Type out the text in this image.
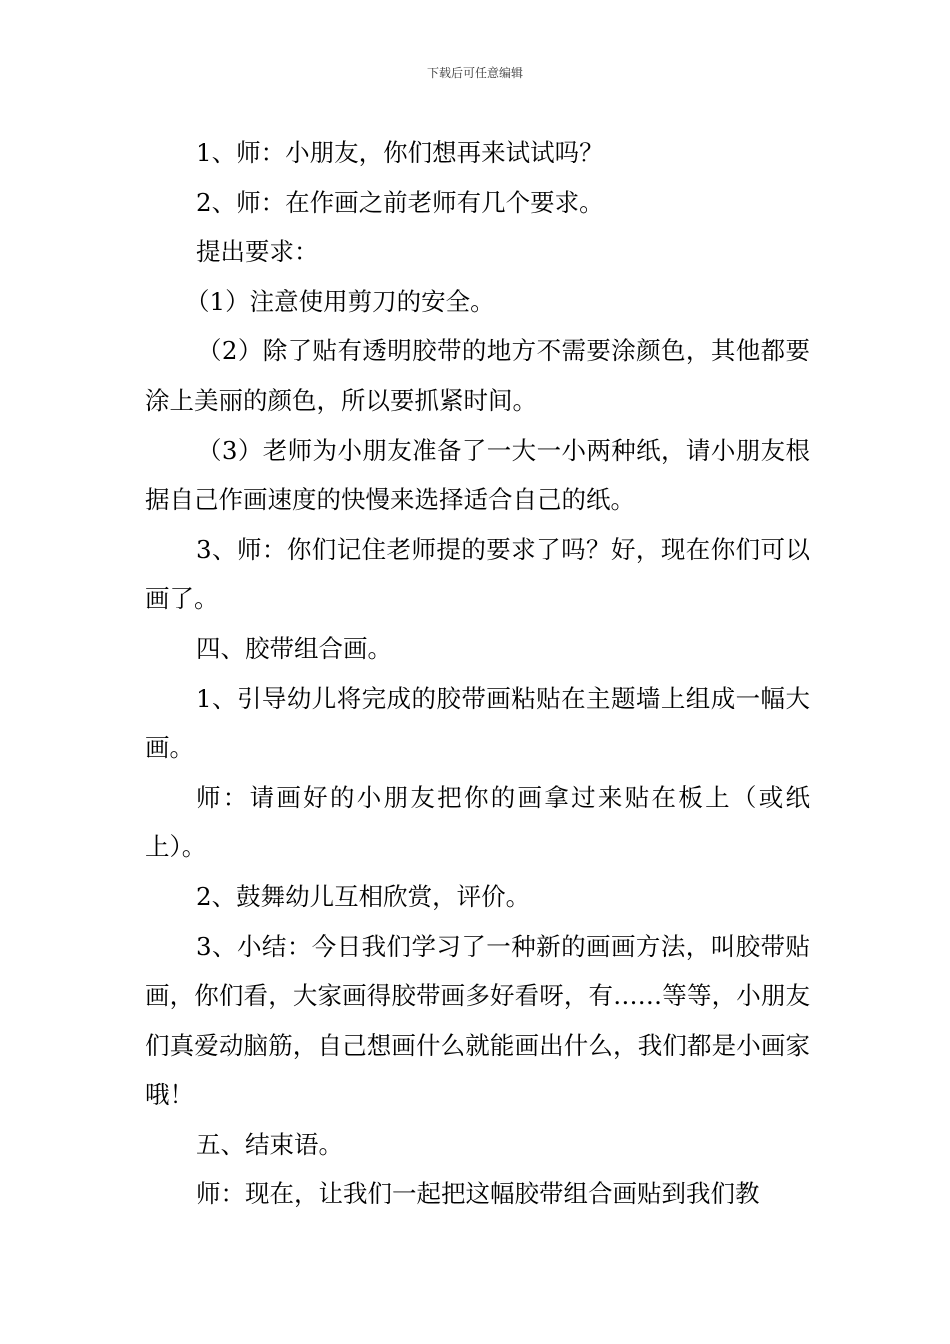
下载后可任意编辑

1、师：小朋友，你们想再来试试吗？

2、师：在作画之前老师有几个要求。

提出要求：

（1）注意使用剪刀的安全。

（2）除了贴有透明胶带的地方不需要涂颜色，其他都要涂上美丽的颜色，所以要抓紧时间。

（3）老师为小朋友准备了一大一小两种纸，请小朋友根据自己作画速度的快慢来选择适合自己的纸。

3、师：你们记住老师提的要求了吗？好，现在你们可以画了。

四、胶带组合画。

1、引导幼儿将完成的胶带画粘贴在主题墙上组成一幅大画。

师：请画好的小朋友把你的画拿过来贴在板上（或纸上）。

2、鼓舞幼儿互相欣赏，评价。

3、小结：今日我们学习了一种新的画画方法，叫胶带贴画，你们看，大家画得胶带画多好看呀，有……等等，小朋友们真爱动脑筋，自己想画什么就能画出什么，我们都是小画家哦！

五、结束语。

师：现在，让我们一起把这幅胶带组合画贴到我们教
